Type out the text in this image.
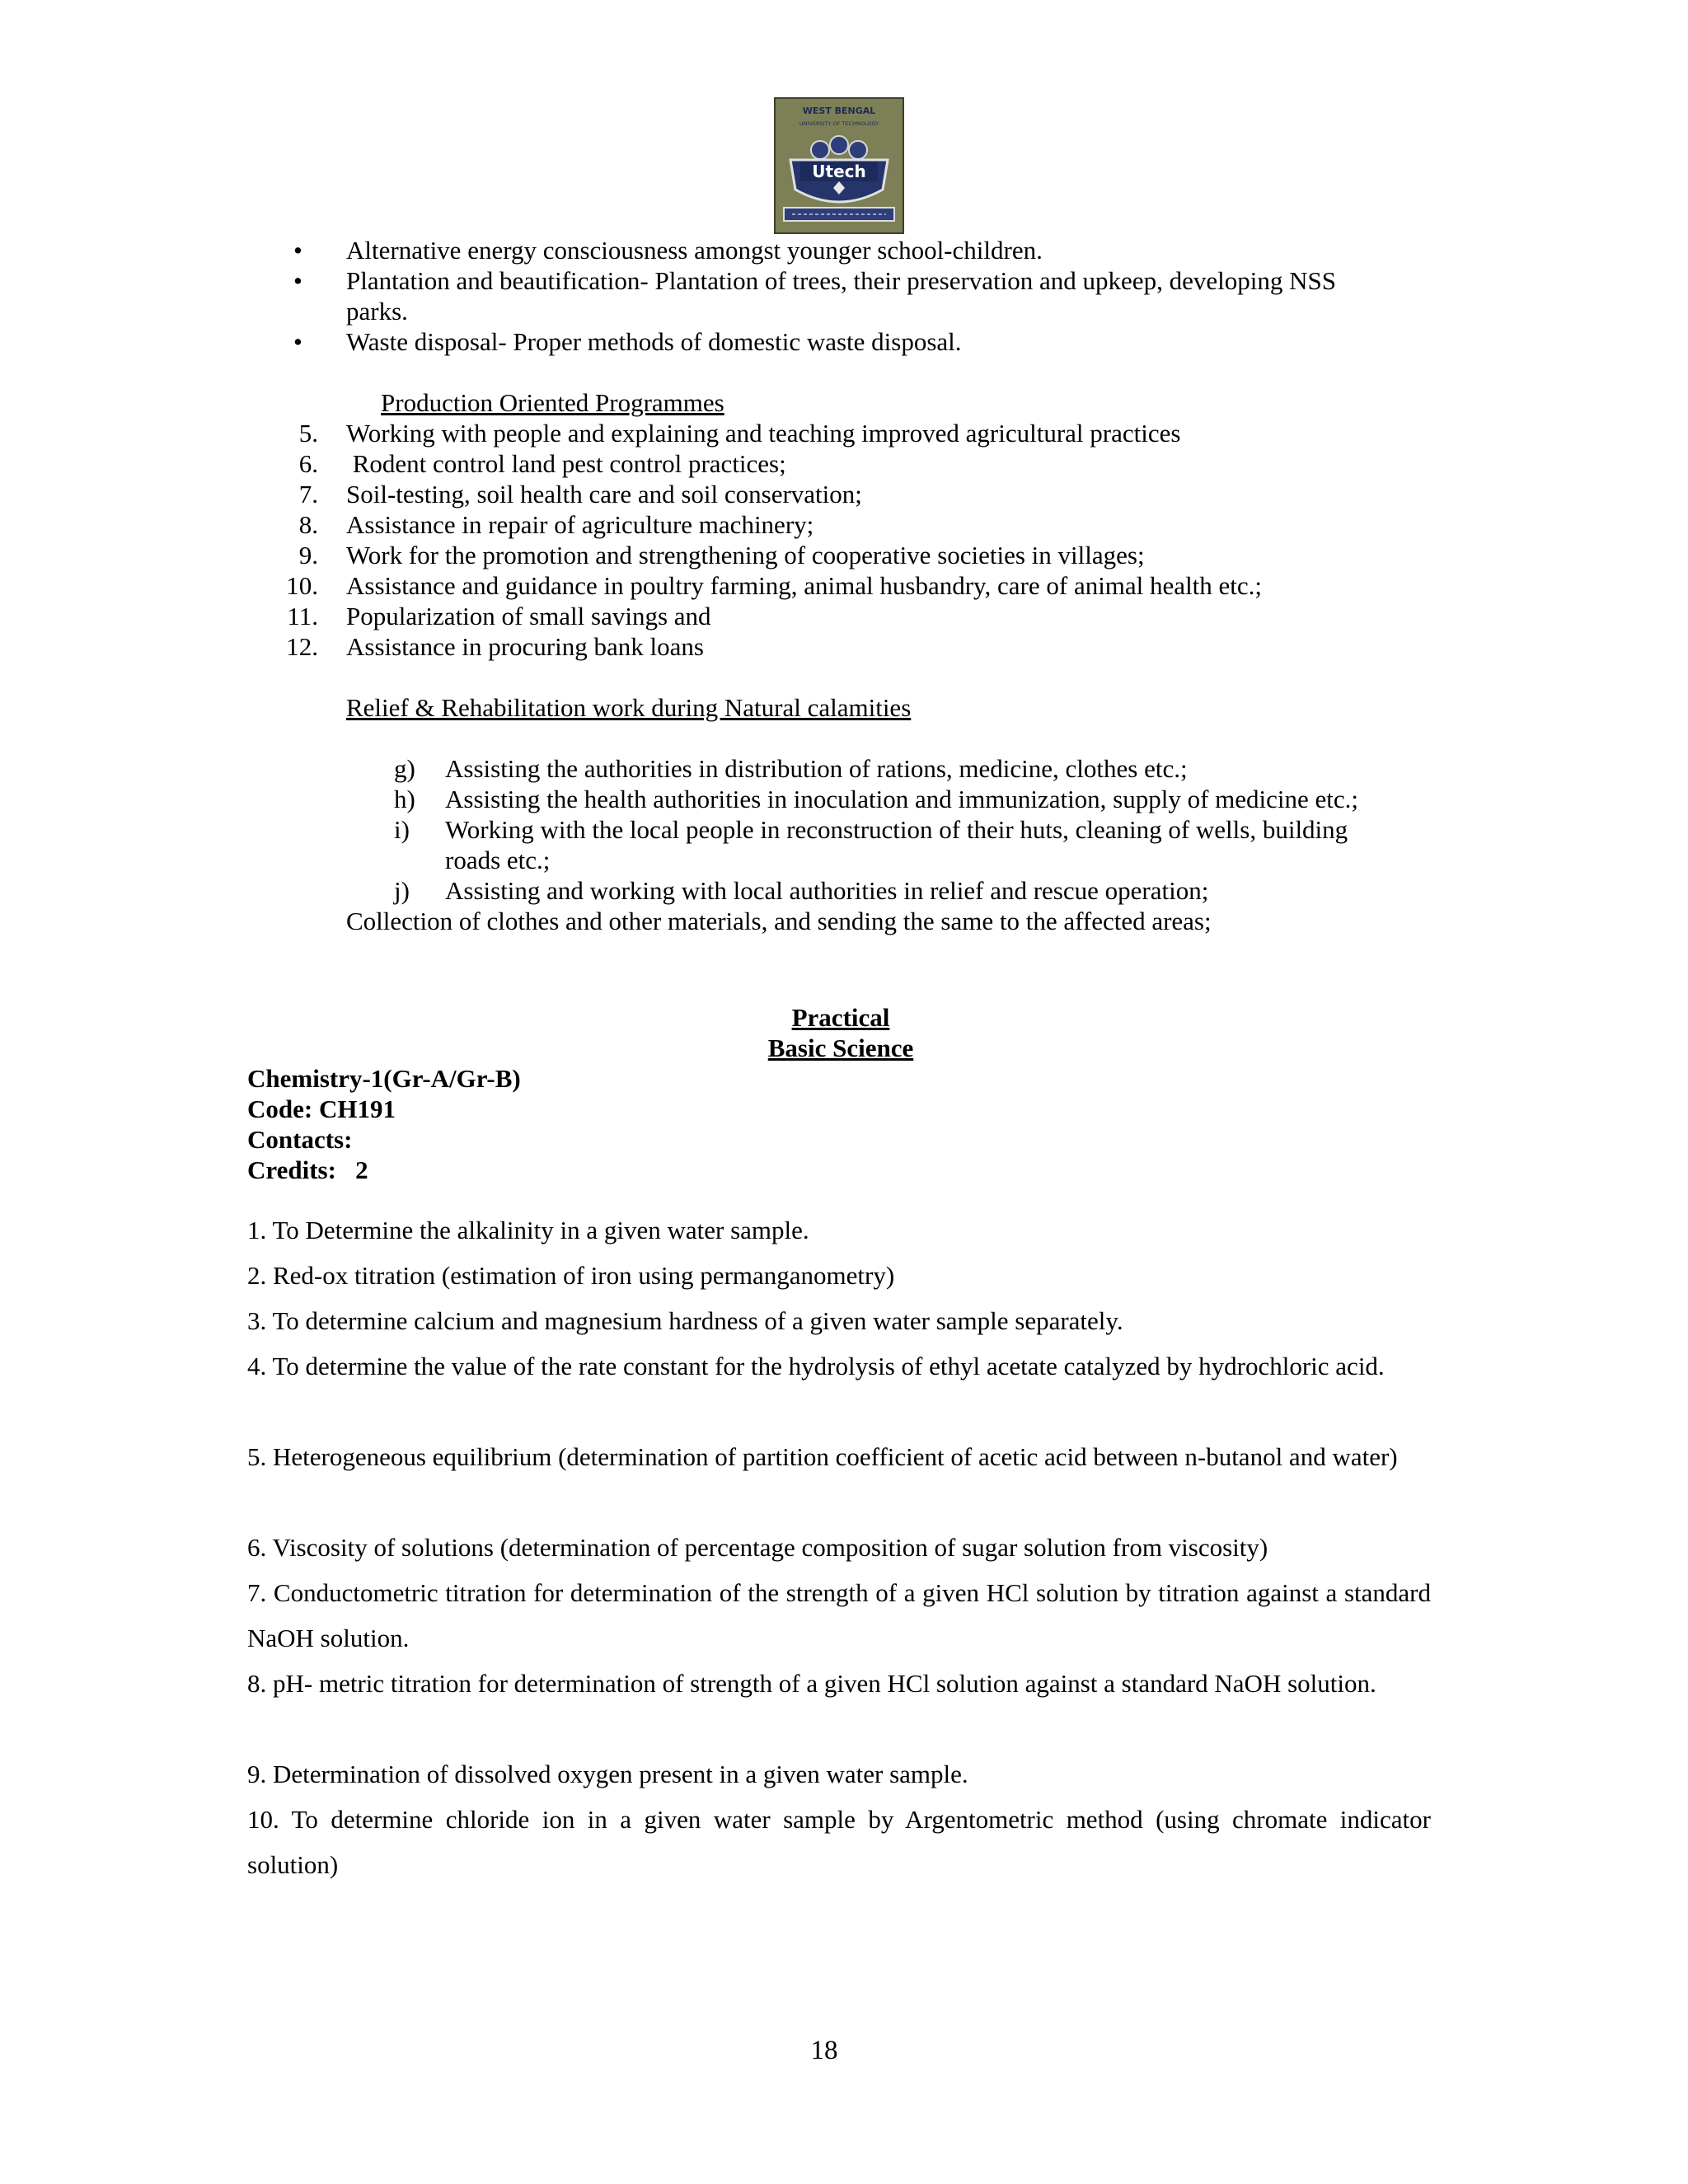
WEST BENGAL
UNIVERSITY OF TECHNOLOGY
Utech
• Alternative energy consciousness amongst younger school-children.
• Plantation and beautification- Plantation of trees, their preservation and upkeep, developing NSS
parks.
• Waste disposal- Proper methods of domestic waste disposal.
Production Oriented Programmes
5. Working with people and explaining and teaching improved agricultural practices
6. Rodent control land pest control practices;
7. Soil-testing, soil health care and soil conservation;
8. Assistance in repair of agriculture machinery;
9. Work for the promotion and strengthening of cooperative societies in villages;
10. Assistance and guidance in poultry farming, animal husbandry, care of animal health etc.;
11. Popularization of small savings and
12. Assistance in procuring bank loans
Relief & Rehabilitation work during Natural calamities
g) Assisting the authorities in distribution of rations, medicine, clothes etc.;
h) Assisting the health authorities in inoculation and immunization, supply of medicine etc.;
i) Working with the local people in reconstruction of their huts, cleaning of wells, building
roads etc.;
j) Assisting and working with local authorities in relief and rescue operation;
Collection of clothes and other materials, and sending the same to the affected areas;
Practical
Basic Science
Chemistry-1(Gr-A/Gr-B)
Code: CH191
Contacts:
Credits:   2
1. To Determine the alkalinity in a given water sample.
2. Red-ox titration (estimation of iron using permanganometry)
3. To determine calcium and magnesium hardness of a given water sample separately.
4. To determine the value of the rate constant for the hydrolysis of ethyl acetate catalyzed by hydrochloric acid.
5. Heterogeneous equilibrium (determination of partition coefficient of acetic acid between n-butanol and water)
6. Viscosity of solutions (determination of percentage composition of sugar solution from viscosity)
7. Conductometric titration for determination of the strength of a given HCl solution by titration against a standard NaOH solution.
8. pH- metric titration for determination of strength of a given HCl solution against a standard NaOH solution.
9. Determination of dissolved oxygen present in a given water sample.
10. To determine chloride ion in a given water sample by Argentometric method (using chromate indicator solution)
18
